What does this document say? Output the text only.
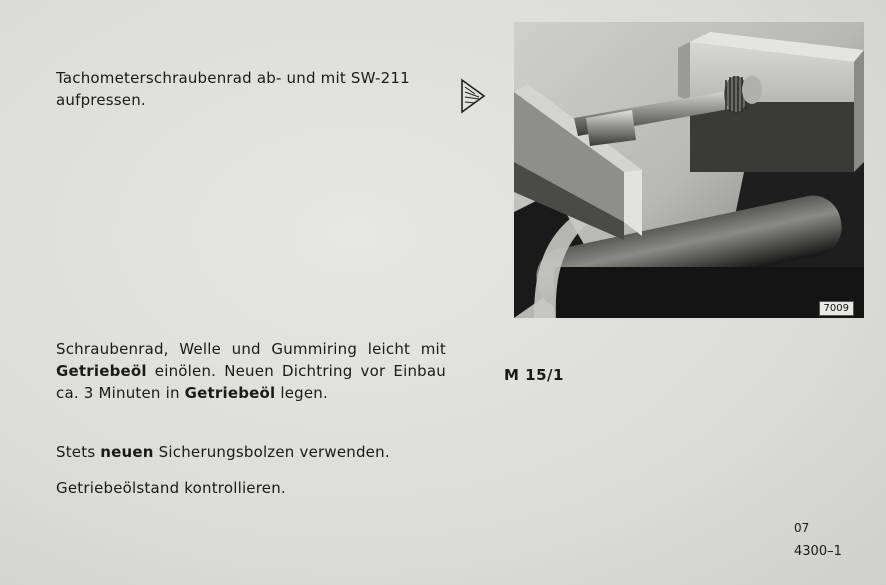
Tachometerschraubenrad ab- und mit SW-211 aufpressen.
7009
Schraubenrad, Welle und Gummiring leicht mit Getriebeöl einölen. Neuen Dichtring vor Einbau ca. 3 Minuten in Getriebeöl legen.
Stets neuen Sicherungsbolzen verwenden.
Getriebeölstand kontrollieren.
M 15/1
07
4300–1
